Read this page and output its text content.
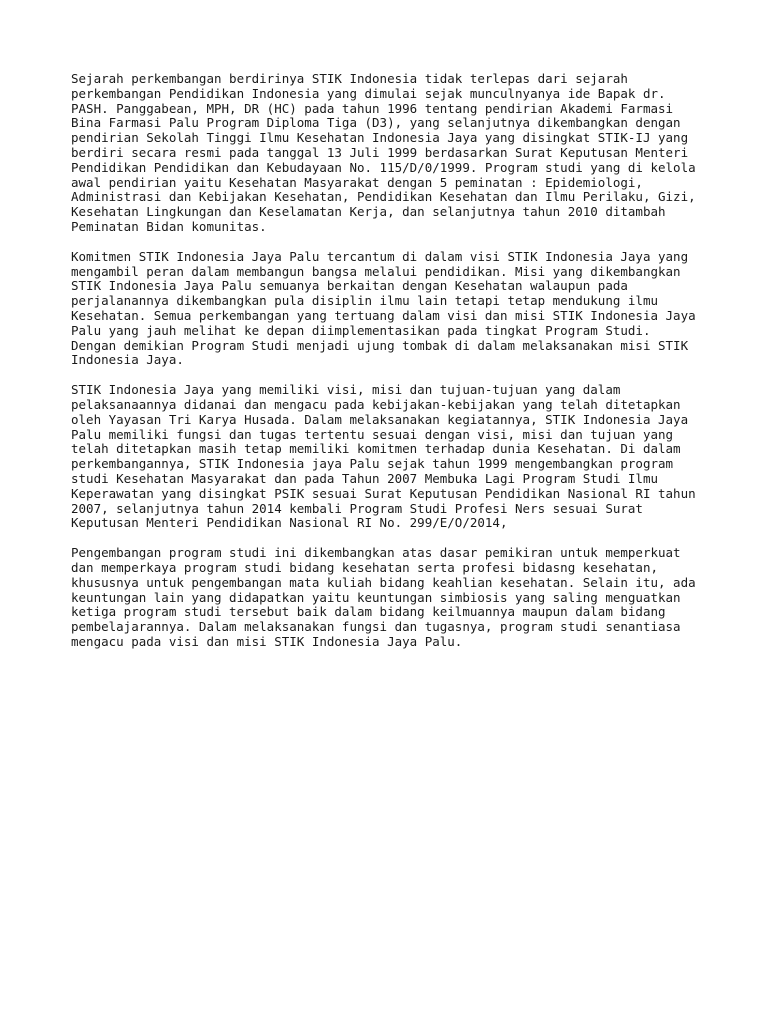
Sejarah perkembangan berdirinya STIK Indonesia tidak terlepas dari sejarah
perkembangan Pendidikan Indonesia yang dimulai sejak munculnyanya ide Bapak dr.
PASH. Panggabean, MPH, DR (HC) pada tahun 1996 tentang pendirian Akademi Farmasi
Bina Farmasi Palu Program Diploma Tiga (D3), yang selanjutnya dikembangkan dengan
pendirian Sekolah Tinggi Ilmu Kesehatan Indonesia Jaya yang disingkat STIK-IJ yang
berdiri secara resmi pada tanggal 13 Juli 1999 berdasarkan Surat Keputusan Menteri
Pendidikan Pendidikan dan Kebudayaan No. 115/D/0/1999. Program studi yang di kelola
awal pendirian yaitu Kesehatan Masyarakat dengan 5 peminatan : Epidemiologi,
Administrasi dan Kebijakan Kesehatan, Pendidikan Kesehatan dan Ilmu Perilaku, Gizi,
Kesehatan Lingkungan dan Keselamatan Kerja, dan selanjutnya tahun 2010 ditambah
Peminatan Bidan komunitas.

Komitmen STIK Indonesia Jaya Palu tercantum di dalam visi STIK Indonesia Jaya yang
mengambil peran dalam membangun bangsa melalui pendidikan. Misi yang dikembangkan
STIK Indonesia Jaya Palu semuanya berkaitan dengan Kesehatan walaupun pada
perjalanannya dikembangkan pula disiplin ilmu lain tetapi tetap mendukung ilmu
Kesehatan. Semua perkembangan yang tertuang dalam visi dan misi STIK Indonesia Jaya
Palu yang jauh melihat ke depan diimplementasikan pada tingkat Program Studi.
Dengan demikian Program Studi menjadi ujung tombak di dalam melaksanakan misi STIK
Indonesia Jaya.

STIK Indonesia Jaya yang memiliki visi, misi dan tujuan-tujuan yang dalam
pelaksanaannya didanai dan mengacu pada kebijakan-kebijakan yang telah ditetapkan
oleh Yayasan Tri Karya Husada. Dalam melaksanakan kegiatannya, STIK Indonesia Jaya
Palu memiliki fungsi dan tugas tertentu sesuai dengan visi, misi dan tujuan yang
telah ditetapkan masih tetap memiliki komitmen terhadap dunia Kesehatan. Di dalam
perkembangannya, STIK Indonesia jaya Palu sejak tahun 1999 mengembangkan program
studi Kesehatan Masyarakat dan pada Tahun 2007 Membuka Lagi Program Studi Ilmu
Keperawatan yang disingkat PSIK sesuai Surat Keputusan Pendidikan Nasional RI tahun
2007, selanjutnya tahun 2014 kembali Program Studi Profesi Ners sesuai Surat
Keputusan Menteri Pendidikan Nasional RI No. 299/E/O/2014,

Pengembangan program studi ini dikembangkan atas dasar pemikiran untuk memperkuat
dan memperkaya program studi bidang kesehatan serta profesi bidasng kesehatan,
khususnya untuk pengembangan mata kuliah bidang keahlian kesehatan. Selain itu, ada
keuntungan lain yang didapatkan yaitu keuntungan simbiosis yang saling menguatkan
ketiga program studi tersebut baik dalam bidang keilmuannya maupun dalam bidang
pembelajarannya. Dalam melaksanakan fungsi dan tugasnya, program studi senantiasa
mengacu pada visi dan misi STIK Indonesia Jaya Palu.
